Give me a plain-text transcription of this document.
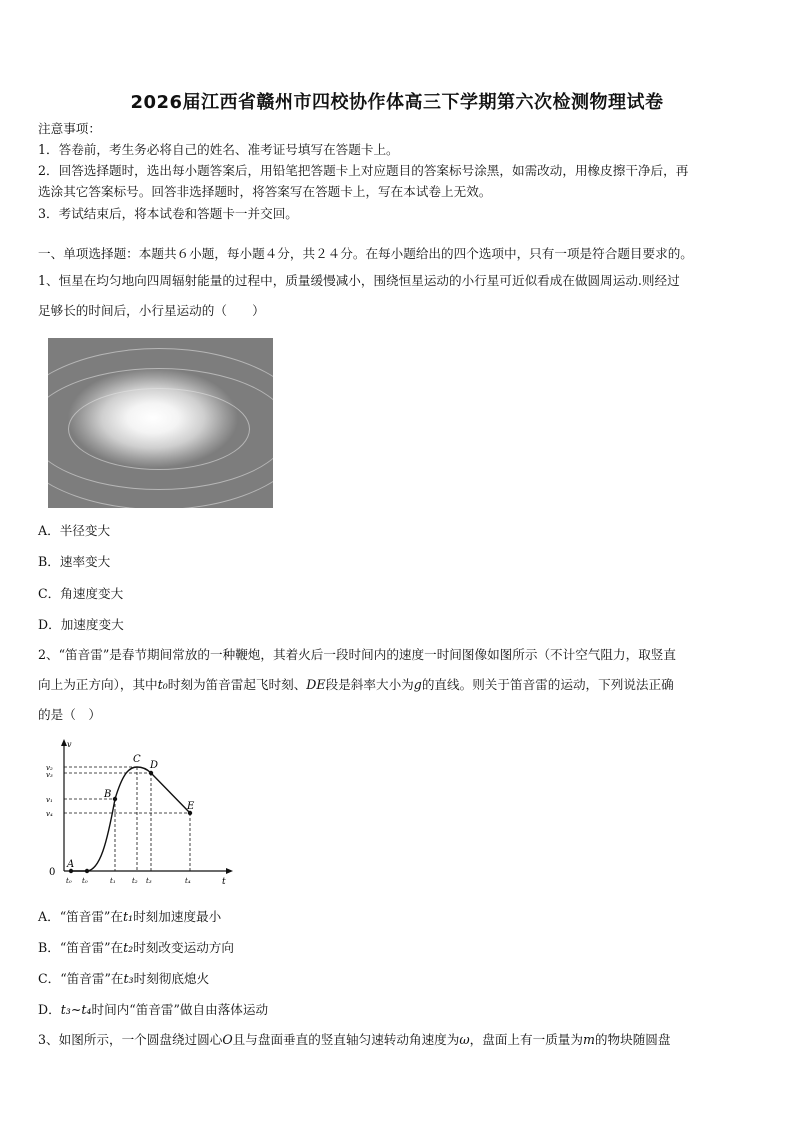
2026届江西省赣州市四校协作体高三下学期第六次检测物理试卷
注意事项：
1．答卷前，考生务必将自己的姓名、准考证号填写在答题卡上。
2．回答选择题时，选出每小题答案后，用铅笔把答题卡上对应题目的答案标号涂黑，如需改动，用橡皮擦干净后，再
选涂其它答案标号。回答非选择题时，将答案写在答题卡上，写在本试卷上无效。
3．考试结束后，将本试卷和答题卡一并交回。
一、单项选择题：本题共６小题，每小题４分，共２４分。在每小题给出的四个选项中，只有一项是符合题目要求的。
1、恒星在均匀地向四周辐射能量的过程中，质量缓慢减小，围绕恒星运动的小行星可近似看成在做圆周运动.则经过
足够长的时间后，小行星运动的（　　）
A．半径变大
B．速率变大
C．角速度变大
D．加速度变大
2、“笛音雷”是春节期间常放的一种鞭炮，其着火后一段时间内的速度一时间图像如图所示（不计空气阻力，取竖直
向上为正方向），其中t₀时刻为笛音雷起飞时刻、DE段是斜率大小为g的直线。则关于笛音雷的运动，下列说法正确
的是（　）
v
t
0
A
B
C
D
E
v₂
v₃
v₁
v₄
t₀ t₀	t₁ t₂ t₃	t₄
A．“笛音雷”在t₁时刻加速度最小
B．“笛音雷”在t₂时刻改变运动方向
C．“笛音雷”在t₃时刻彻底熄火
D．t₃~t₄时间内“笛音雷”做自由落体运动
3、如图所示，一个圆盘绕过圆心O且与盘面垂直的竖直轴匀速转动角速度为ω，盘面上有一质量为m的物块随圆盘
